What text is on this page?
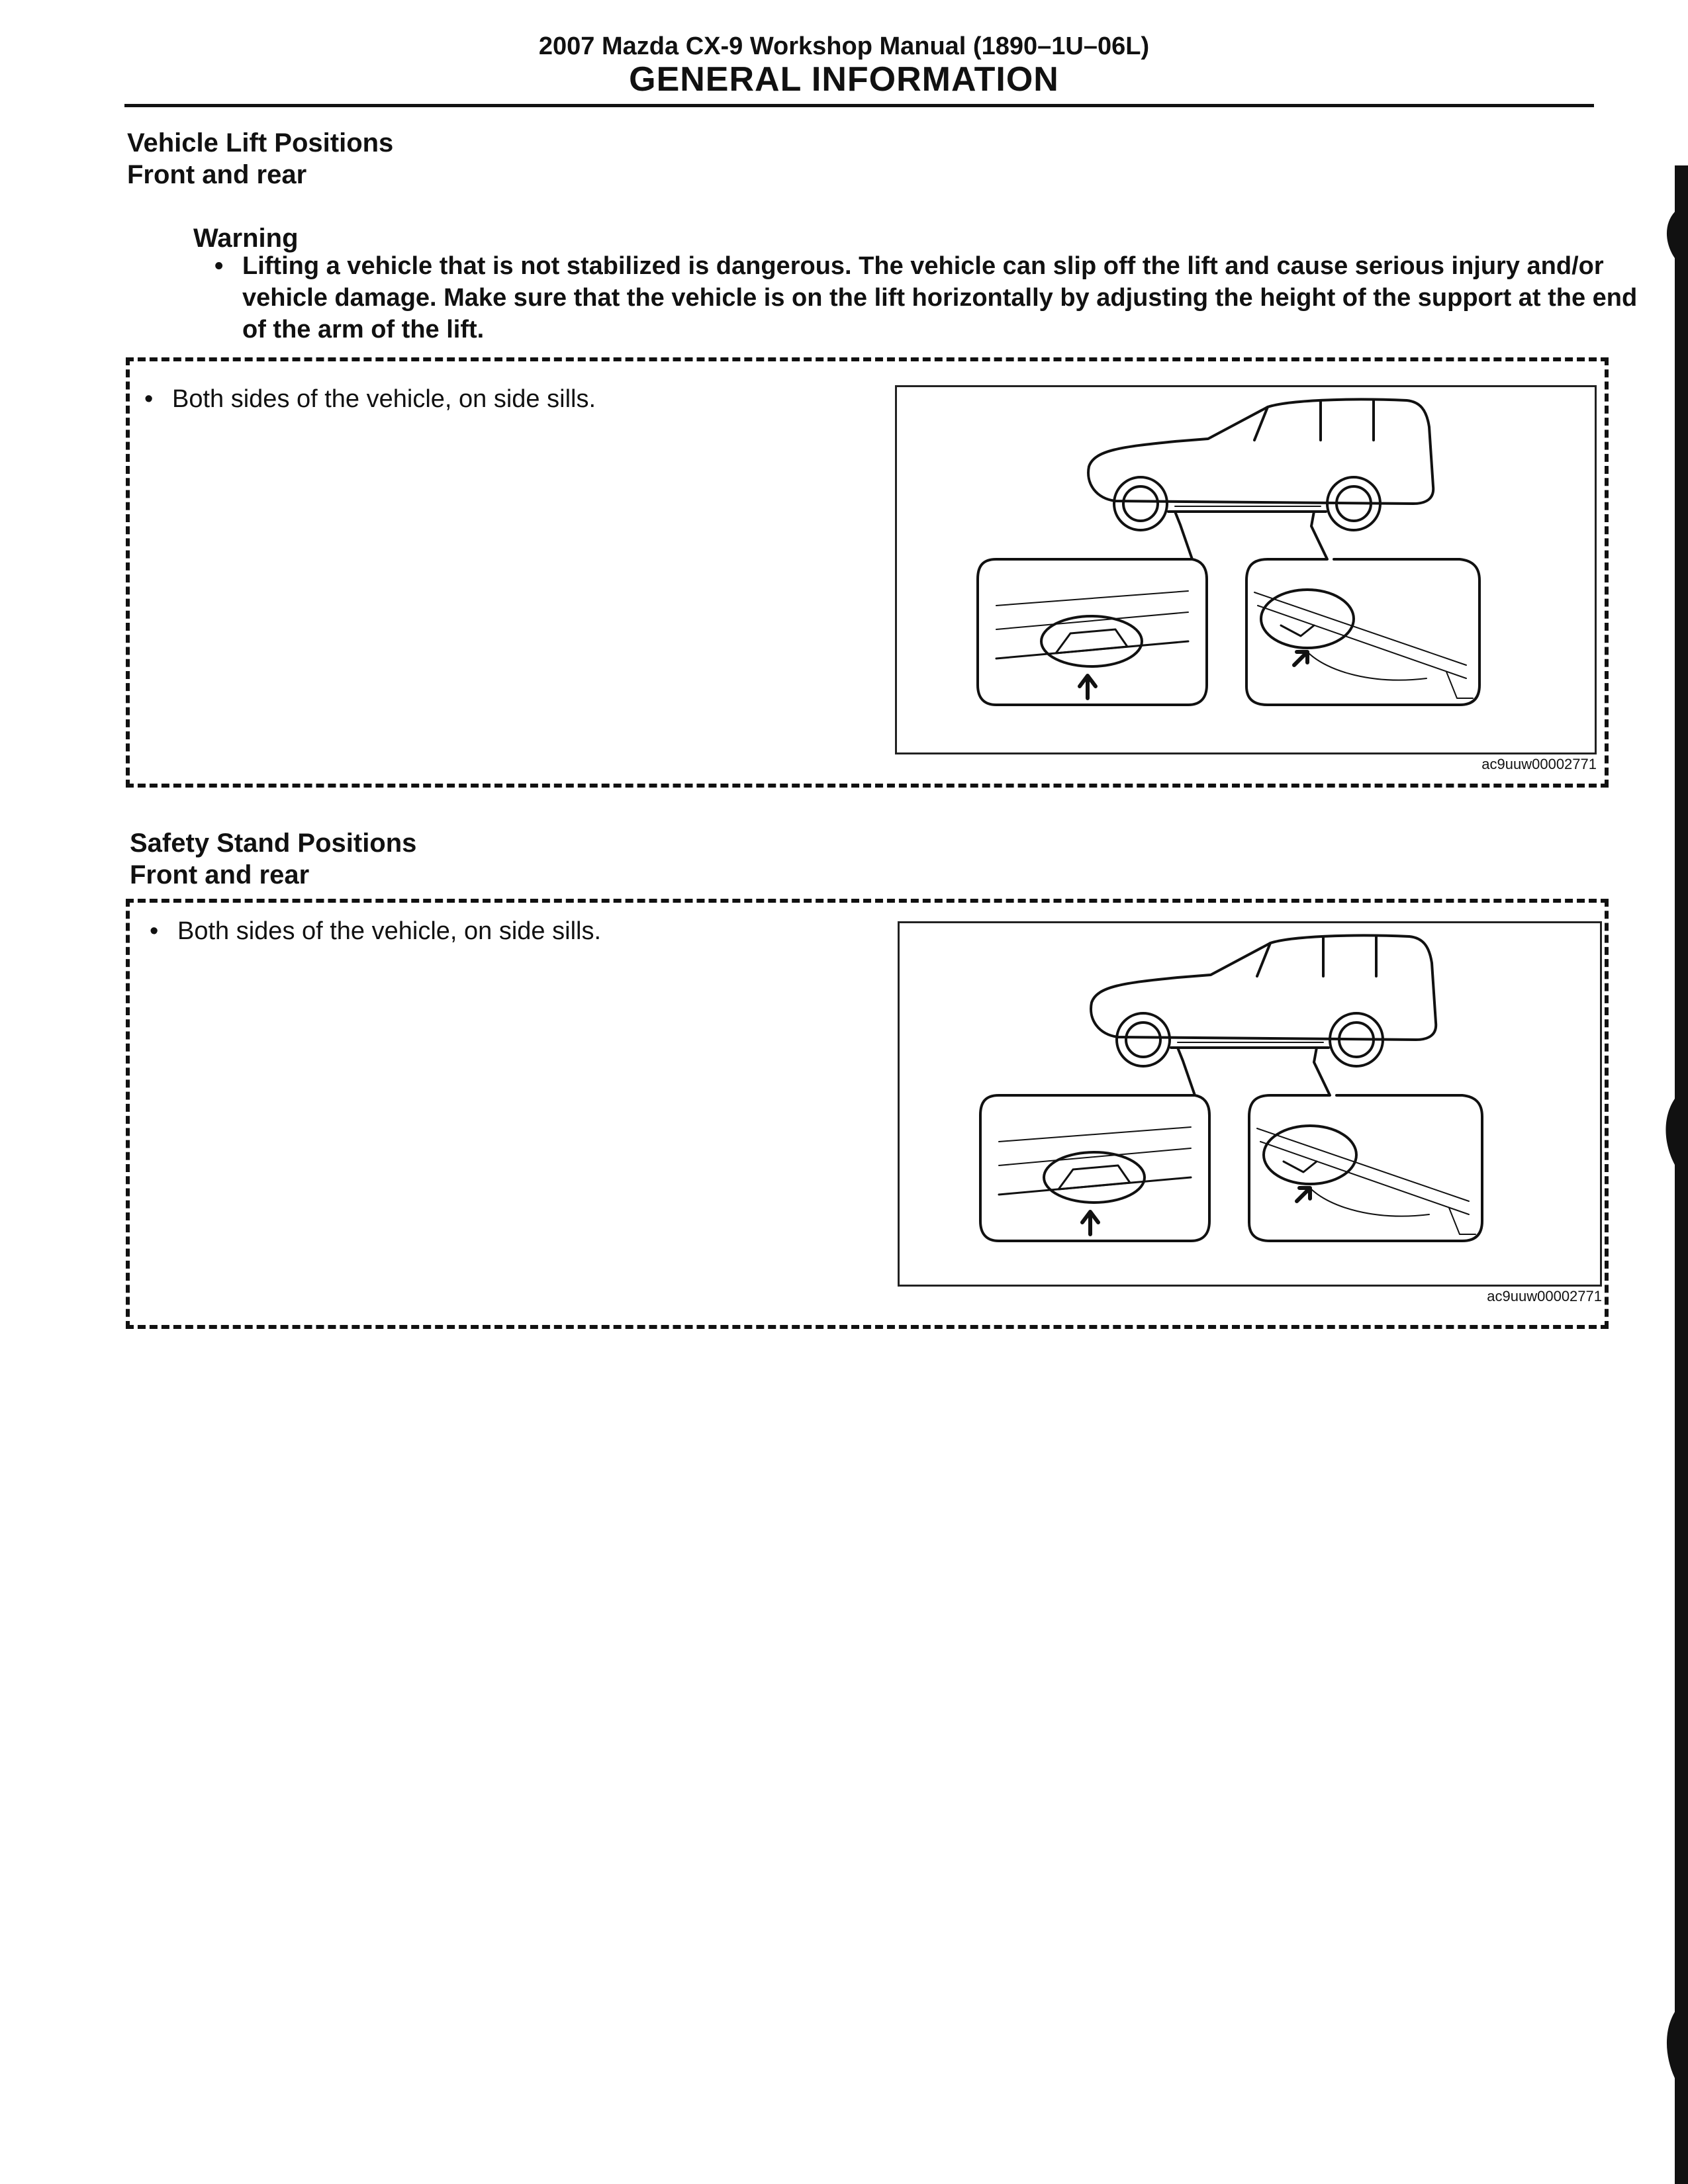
2007 Mazda CX-9 Workshop Manual (1890–1U–06L)
GENERAL INFORMATION
Vehicle Lift Positions
Front and rear
Warning
• Lifting a vehicle that is not stabilized is dangerous. The vehicle can slip off the lift and cause serious injury and/or vehicle damage. Make sure that the vehicle is on the lift horizontally by adjusting the height of the support at the end of the arm of the lift.
• Both sides of the vehicle, on side sills.
ac9uuw00002771
Safety Stand Positions
Front and rear
• Both sides of the vehicle, on side sills.
ac9uuw00002771
